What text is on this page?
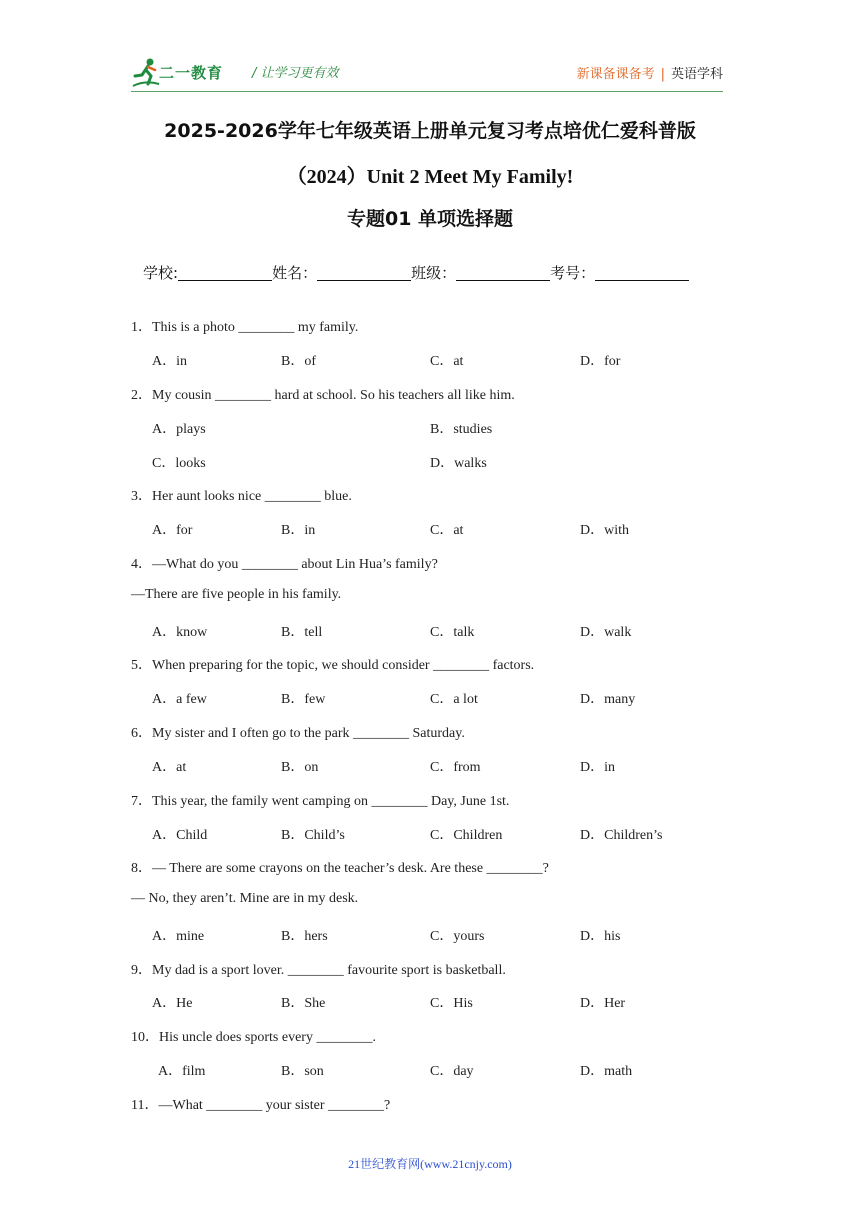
二一教育 / 让学习更有效	新课备课备考 | 英语学科
2025-2026学年七年级英语上册单元复习考点培优仁爱科普版
（2024）Unit 2 Meet My Family!
专题01 单项选择题
学校:	姓名：	班级：	考号：
1．This is a photo ________ my family.
A．in	B．of	C．at	D．for
2．My cousin ________ hard at school. So his teachers all like him.
A．plays	B．studies
C．looks	D．walks
3．Her aunt looks nice ________ blue.
A．for	B．in	C．at	D．with
4．—What do you ________ about Lin Hua’s family?
—There are five people in his family.
A．know	B．tell	C．talk	D．walk
5．When preparing for the topic, we should consider ________ factors.
A．a few	B．few	C．a lot	D．many
6．My sister and I often go to the park ________ Saturday.
A．at	B．on	C．from	D．in
7．This year, the family went camping on ________ Day, June 1st.
A．Child	B．Child’s	C．Children	D．Children’s
8．— There are some crayons on the teacher’s desk. Are these ________?
— No, they aren’t. Mine are in my desk.
A．mine	B．hers	C．yours	D．his
9．My dad is a sport lover. ________ favourite sport is basketball.
A．He	B．She	C．His	D．Her
10．His uncle does sports every ________.
A．film	B．son	C．day	D．math
11．—What ________ your sister ________?
21世纪教育网(www.21cnjy.com)
